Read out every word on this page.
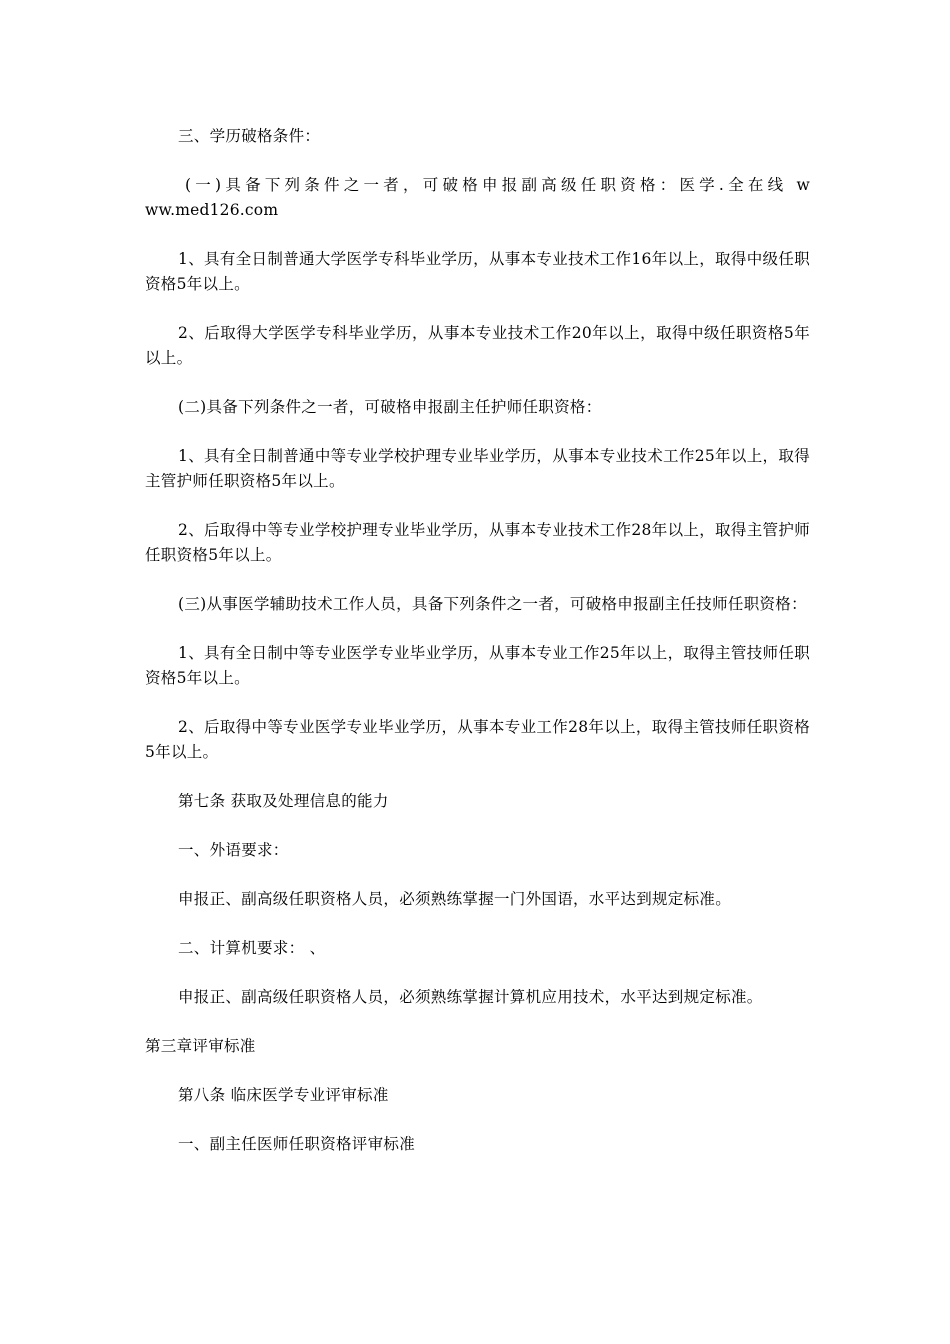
三、学历破格条件：

(一)具备下列条件之一者，可破格申报副高级任职资格：医学.全在线 www.med126.com

1、具有全日制普通大学医学专科毕业学历，从事本专业技术工作16年以上，取得中级任职资格5年以上。

2、后取得大学医学专科毕业学历，从事本专业技术工作20年以上，取得中级任职资格5年以上。

(二)具备下列条件之一者，可破格申报副主任护师任职资格：

1、具有全日制普通中等专业学校护理专业毕业学历，从事本专业技术工作25年以上，取得主管护师任职资格5年以上。

2、后取得中等专业学校护理专业毕业学历，从事本专业技术工作28年以上，取得主管护师任职资格5年以上。

(三)从事医学辅助技术工作人员，具备下列条件之一者，可破格申报副主任技师任职资格：

1、具有全日制中等专业医学专业毕业学历，从事本专业工作25年以上，取得主管技师任职资格5年以上。

2、后取得中等专业医学专业毕业学历，从事本专业工作28年以上，取得主管技师任职资格5年以上。

第七条 获取及处理信息的能力

一、外语要求：

申报正、副高级任职资格人员，必须熟练掌握一门外国语，水平达到规定标准。

二、计算机要求： 、

申报正、副高级任职资格人员，必须熟练掌握计算机应用技术，水平达到规定标准。

第三章评审标准

第八条 临床医学专业评审标准

一、副主任医师任职资格评审标准
